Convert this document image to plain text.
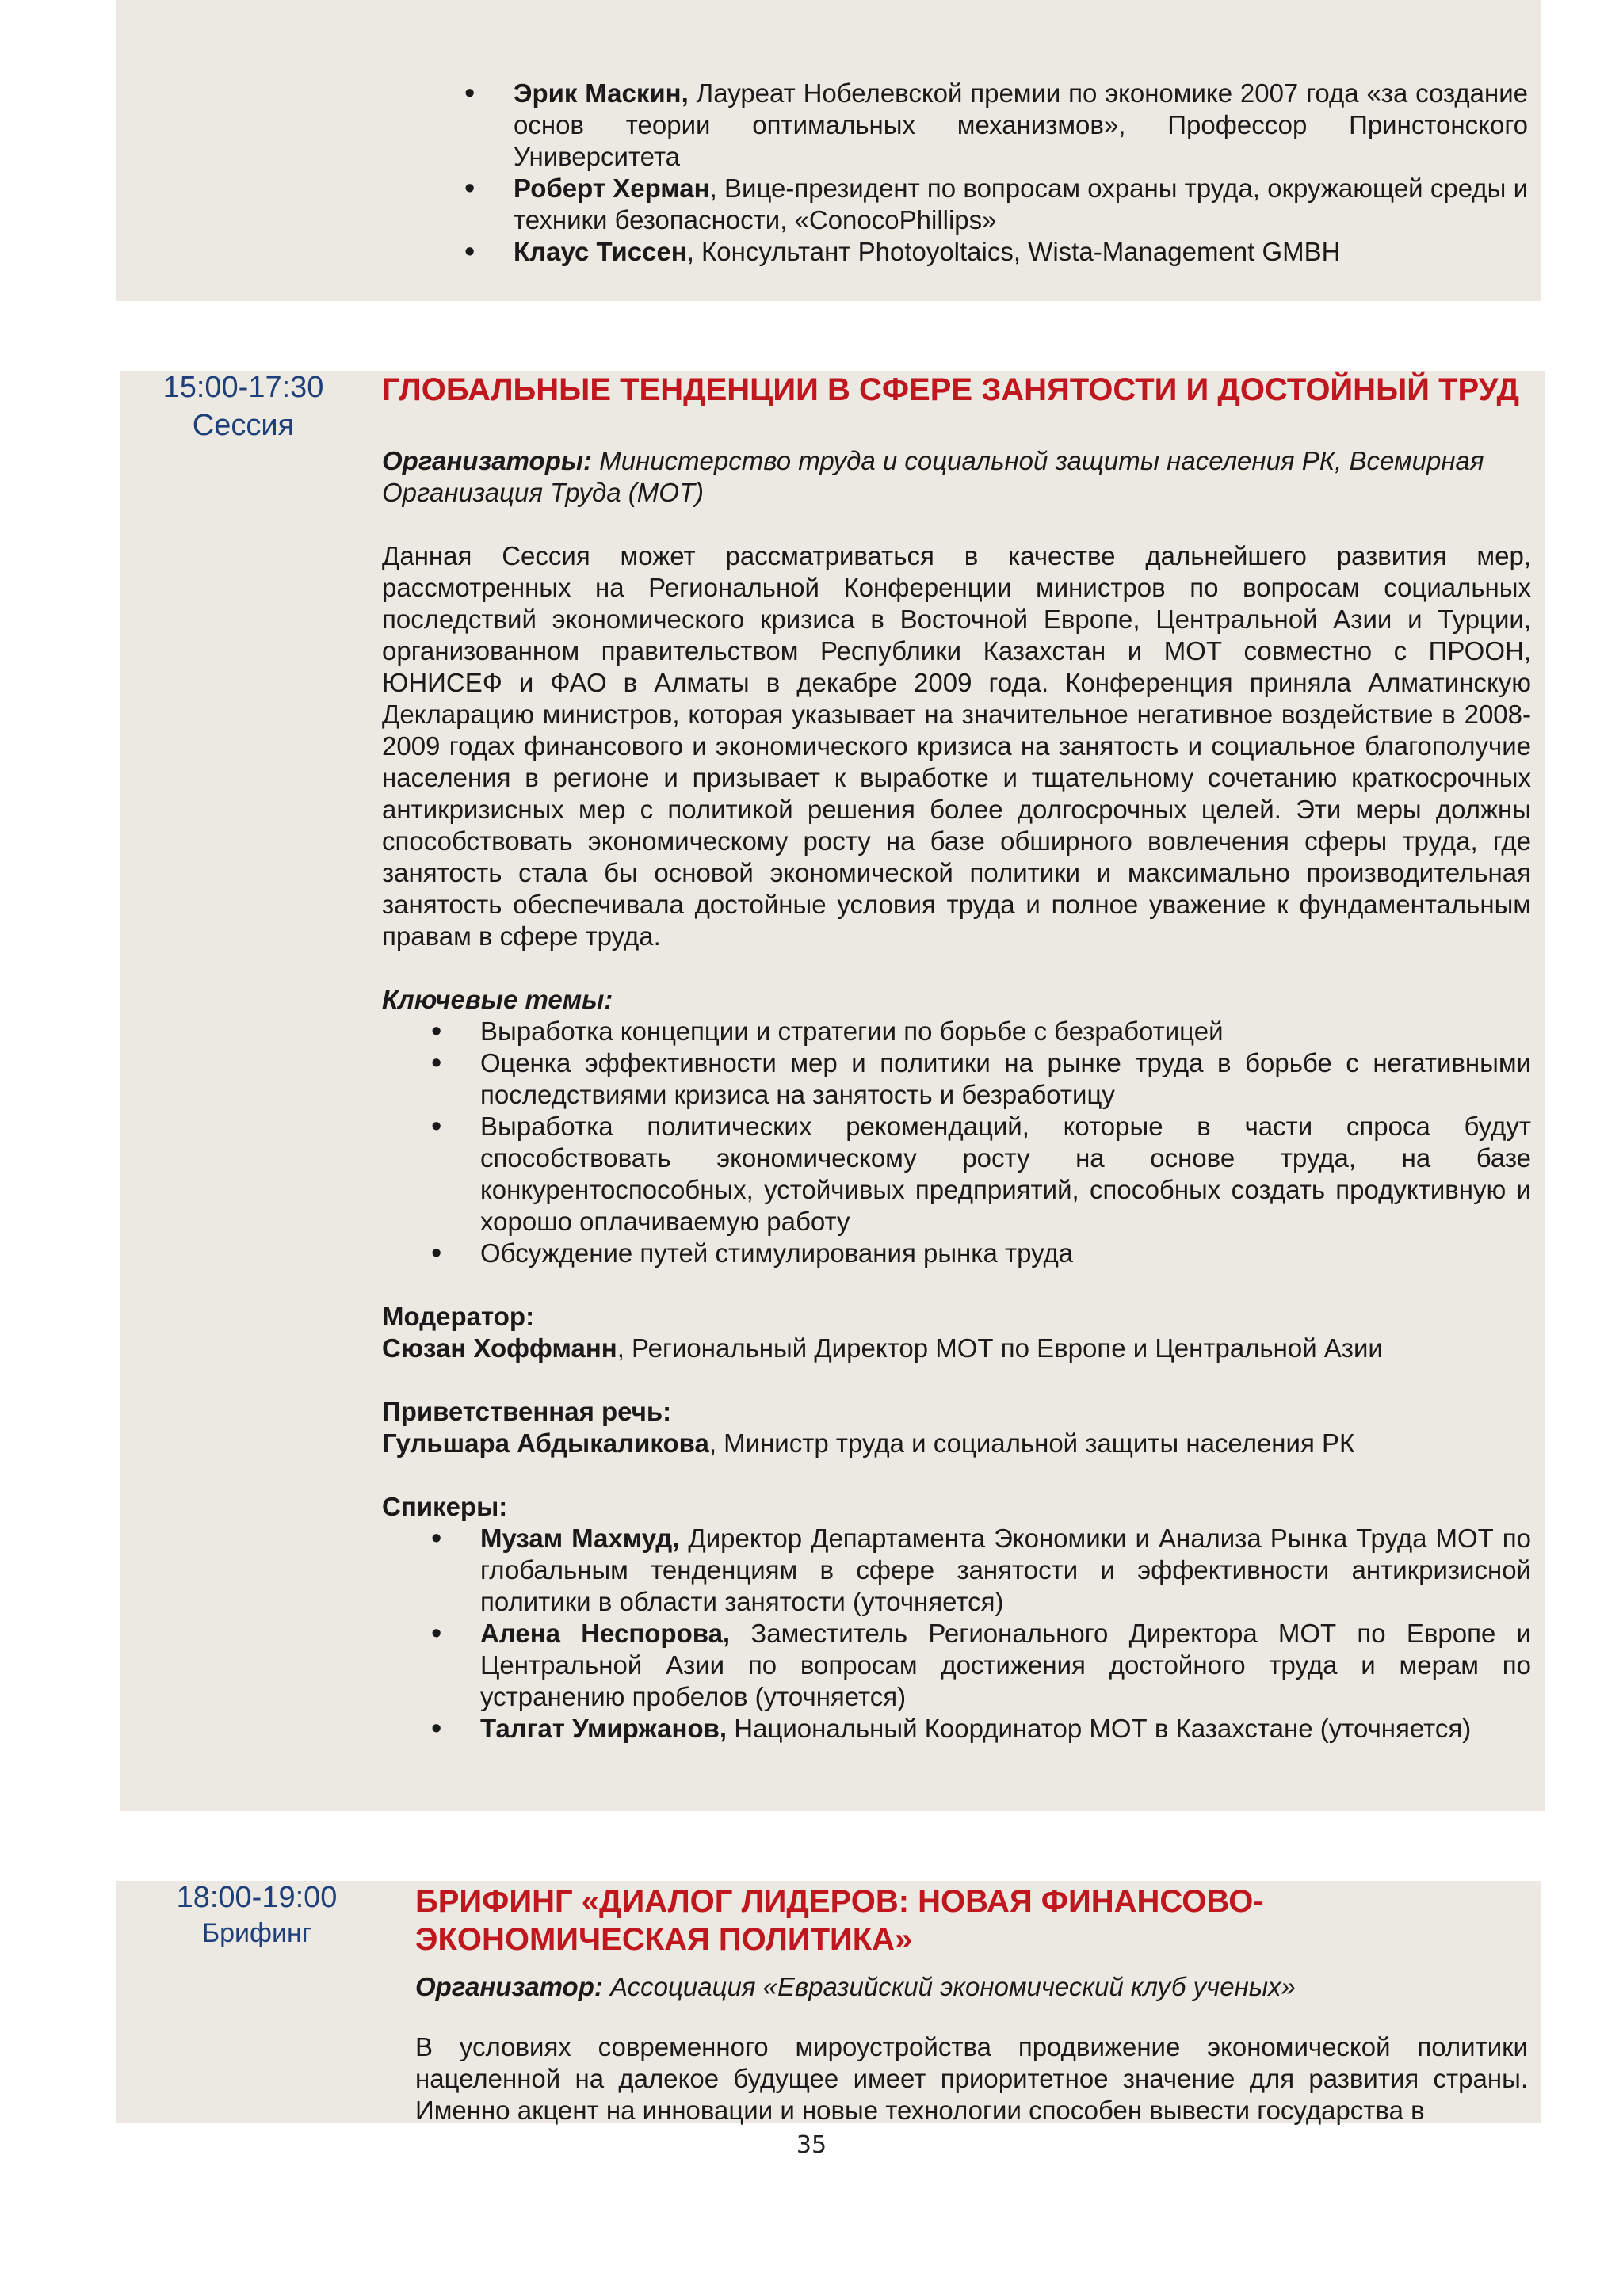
• Эрик Маскин, Лауреат Нобелевской премии по экономике 2007 года «за создание основ теории оптимальных механизмов», Профессор Принстонского Университета
• Роберт Херман, Вице-президент по вопросам охраны труда, окружающей среды и техники безопасности, «ConocoPhillips»
• Клаус Тиссен, Консультант Photoyoltaics, Wista-Management GMBH
15:00-17:30
Сессия
ГЛОБАЛЬНЫЕ ТЕНДЕНЦИИ В СФЕРЕ ЗАНЯТОСТИ И ДОСТОЙНЫЙ ТРУД
Организаторы: Министерство труда и социальной защиты населения РК, Всемирная Организация Труда (МОТ)
Данная Сессия может рассматриваться в качестве дальнейшего развития мер, рассмотренных на Региональной Конференции министров по вопросам социальных последствий экономического кризиса в Восточной Европе, Центральной Азии и Турции, организованном правительством Республики Казахстан и МОТ совместно с ПРООН, ЮНИСЕФ и ФАО в Алматы в декабре 2009 года. Конференция приняла Алматинскую Декларацию министров, которая указывает на значительное негативное воздействие в 2008-2009 годах финансового и экономического кризиса на занятость и социальное благополучие населения в регионе и призывает к выработке и тщательному сочетанию краткосрочных антикризисных мер с политикой решения более долгосрочных целей. Эти меры должны способствовать экономическому росту на базе обширного вовлечения сферы труда, где занятость стала бы основой экономической политики и максимально производительная занятость обеспечивала достойные условия труда и полное уважение к фундаментальным правам в сфере труда.
Ключевые темы:
• Выработка концепции и стратегии по борьбе с безработицей
• Оценка эффективности мер и политики на рынке труда в борьбе с негативными последствиями кризиса на занятость и безработицу
• Выработка политических рекомендаций, которые в части спроса будут способствовать экономическому росту на основе труда, на базе конкурентоспособных, устойчивых предприятий, способных создать продуктивную и хорошо оплачиваемую работу
• Обсуждение путей стимулирования рынка труда
Модератор:
Сюзан Хоффманн, Региональный Директор МОТ по Европе и Центральной Азии
Приветственная речь:
Гульшара Абдыкаликова, Министр труда и социальной защиты населения РК
Спикеры:
• Музам Махмуд, Директор Департамента Экономики и Анализа Рынка Труда МОТ по глобальным тенденциям в сфере занятости и эффективности антикризисной политики в области занятости (уточняется)
• Алена Неспорова, Заместитель Регионального Директора МОТ по Европе и Центральной Азии по вопросам достижения достойного труда и мерам по устранению пробелов (уточняется)
• Талгат Умиржанов, Национальный Координатор МОТ в Казахстане (уточняется)
18:00-19:00
Брифинг
БРИФИНГ «ДИАЛОГ ЛИДЕРОВ: НОВАЯ ФИНАНСОВО-ЭКОНОМИЧЕСКАЯ ПОЛИТИКА»
Организатор: Ассоциация «Евразийский экономический клуб ученых»
В условиях современного мироустройства продвижение экономической политики нацеленной на далекое будущее имеет приоритетное значение для развития страны. Именно акцент на инновации и новые технологии способен вывести государства в
35
